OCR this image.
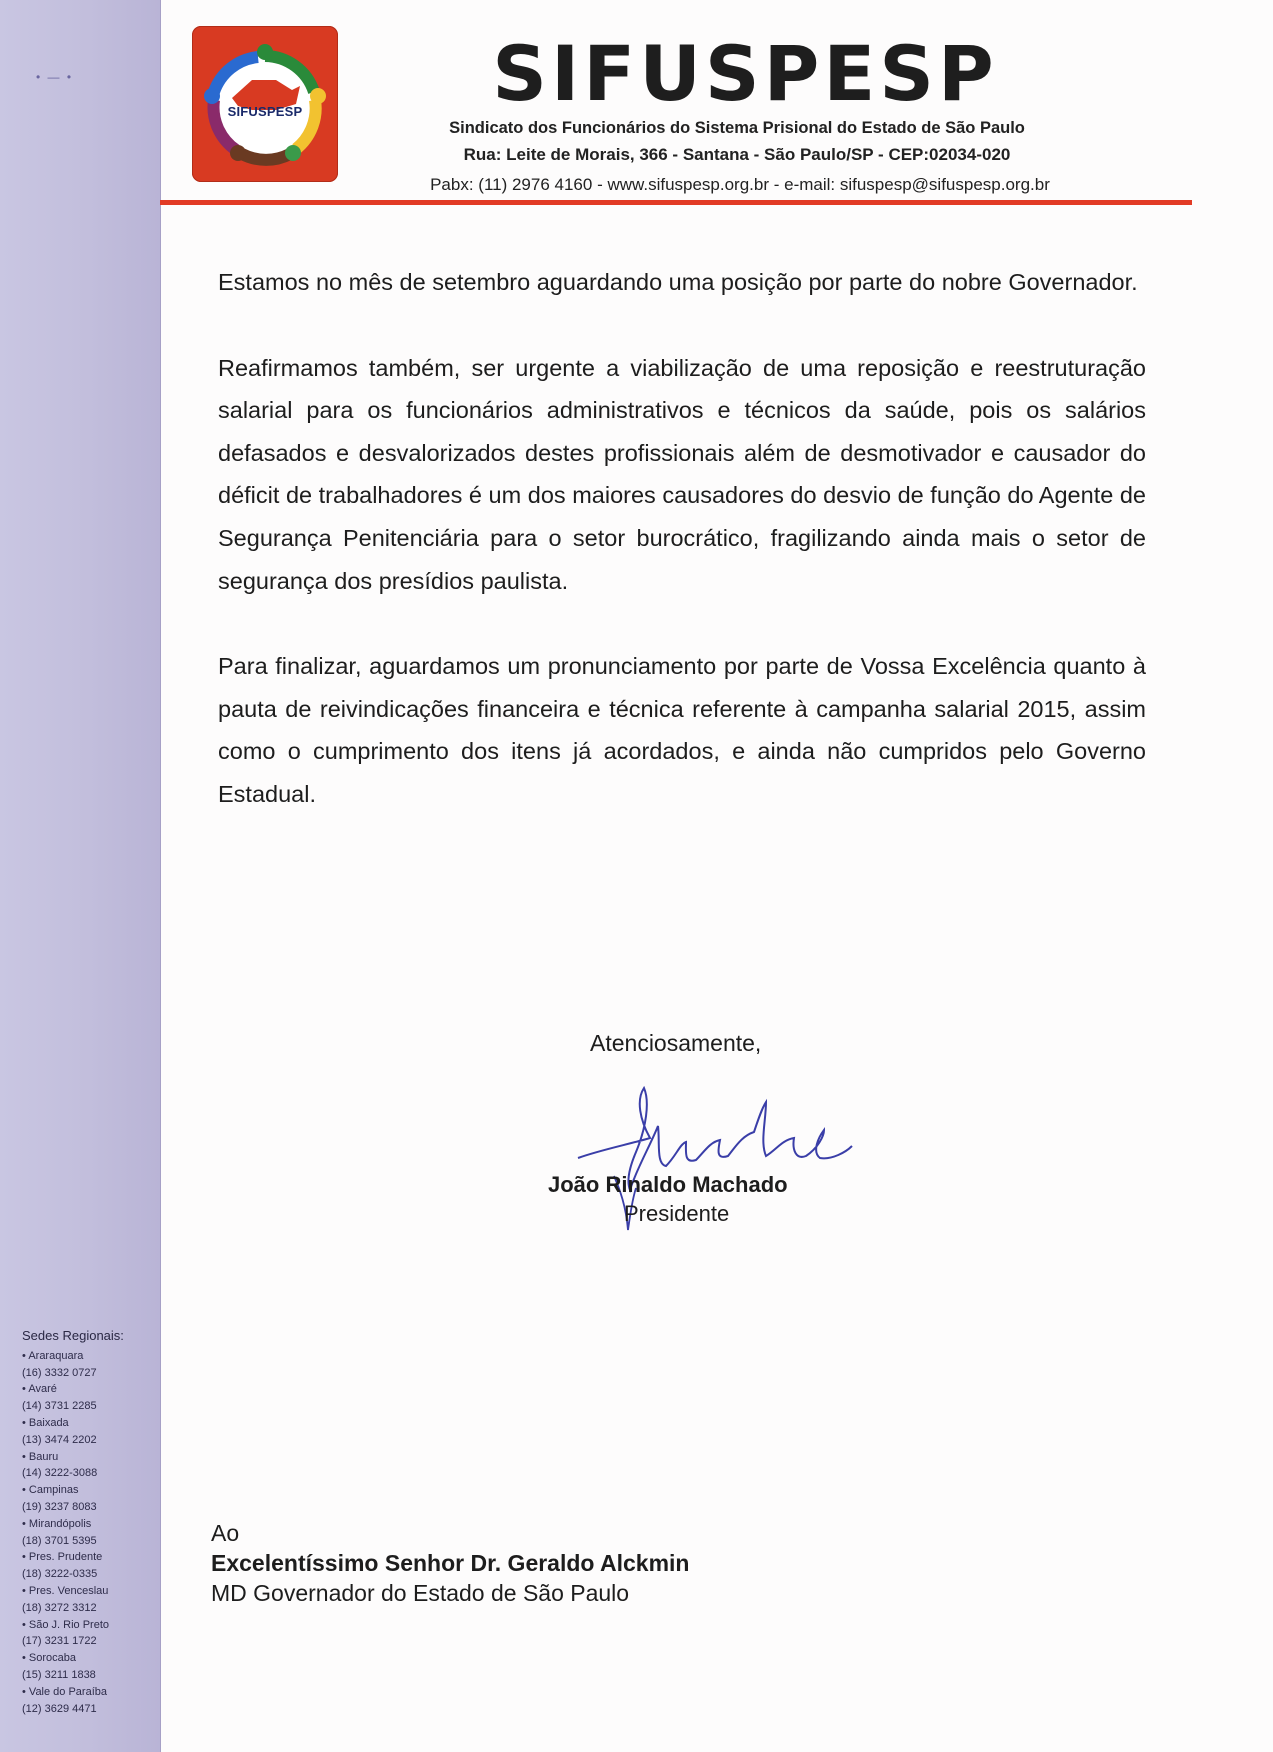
• — •
Sedes Regionais:
• Araraquara
(16) 3332 0727
• Avaré
(14) 3731 2285
• Baixada
(13) 3474 2202
• Bauru
(14) 3222-3088
• Campinas
(19) 3237 8083
• Mirandópolis
(18) 3701 5395
• Pres. Prudente
(18) 3222-0335
• Pres. Venceslau
(18) 3272 3312
• São J. Rio Preto
(17) 3231 1722
• Sorocaba
(15) 3211 1838
• Vale do Paraíba
(12) 3629 4471
SIFUSPESP	SIFUSPESP
Sindicato dos Funcionários do Sistema Prisional do Estado de São Paulo
Rua: Leite de Morais, 366 - Santana - São Paulo/SP - CEP:02034-020
Pabx: (11) 2976 4160 - www.sifuspesp.org.br - e-mail: sifuspesp@sifuspesp.org.br

Estamos no mês de setembro aguardando uma posição por parte do nobre Governador.

Reafirmamos também, ser urgente a viabilização de uma reposição e reestruturação salarial para os funcionários administrativos e técnicos da saúde, pois os salários defasados e desvalorizados destes profissionais além de desmotivador e causador do déficit de trabalhadores é um dos maiores causadores do desvio de função do Agente de Segurança Penitenciária para o setor burocrático, fragilizando ainda mais o setor de segurança dos presídios paulista.

Para finalizar, aguardamos um pronunciamento por parte de Vossa Excelência quanto à pauta de reivindicações financeira e técnica referente à campanha salarial 2015, assim como o cumprimento dos itens já acordados, e ainda não cumpridos pelo Governo Estadual.

Atenciosamente,
João Rinaldo Machado
Presidente
Ao
Excelentíssimo Senhor Dr. Geraldo Alckmin
MD Governador do Estado de São Paulo
